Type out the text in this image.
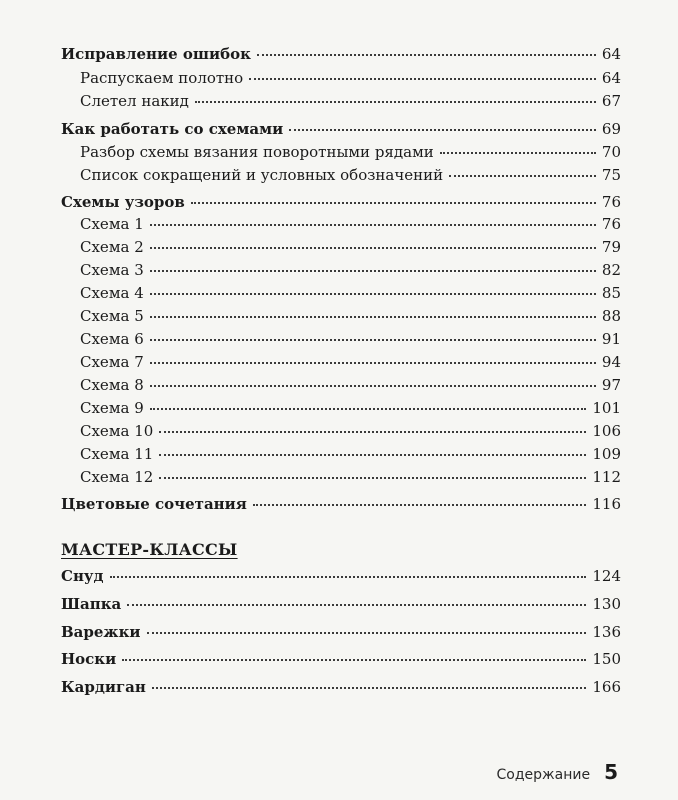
Исправление ошибок	64
Распускаем полотно	64
Слетел накид	67
Как работать со схемами	69
Разбор схемы вязания поворотными рядами	70
Список сокращений и условных обозначений	75
Схемы узоров	76
Схема 1	76
Схема 2	79
Схема 3	82
Схема 4	85
Схема 5	88
Схема 6	91
Схема 7	94
Схема 8	97
Схема 9	101
Схема 10	106
Схема 11	109
Схема 12	112
Цветовые сочетания	116
МАСТЕР-КЛАССЫ
Снуд	124
Шапка	130
Варежки	136
Носки	150
Кардиган	166
Содержание 5
